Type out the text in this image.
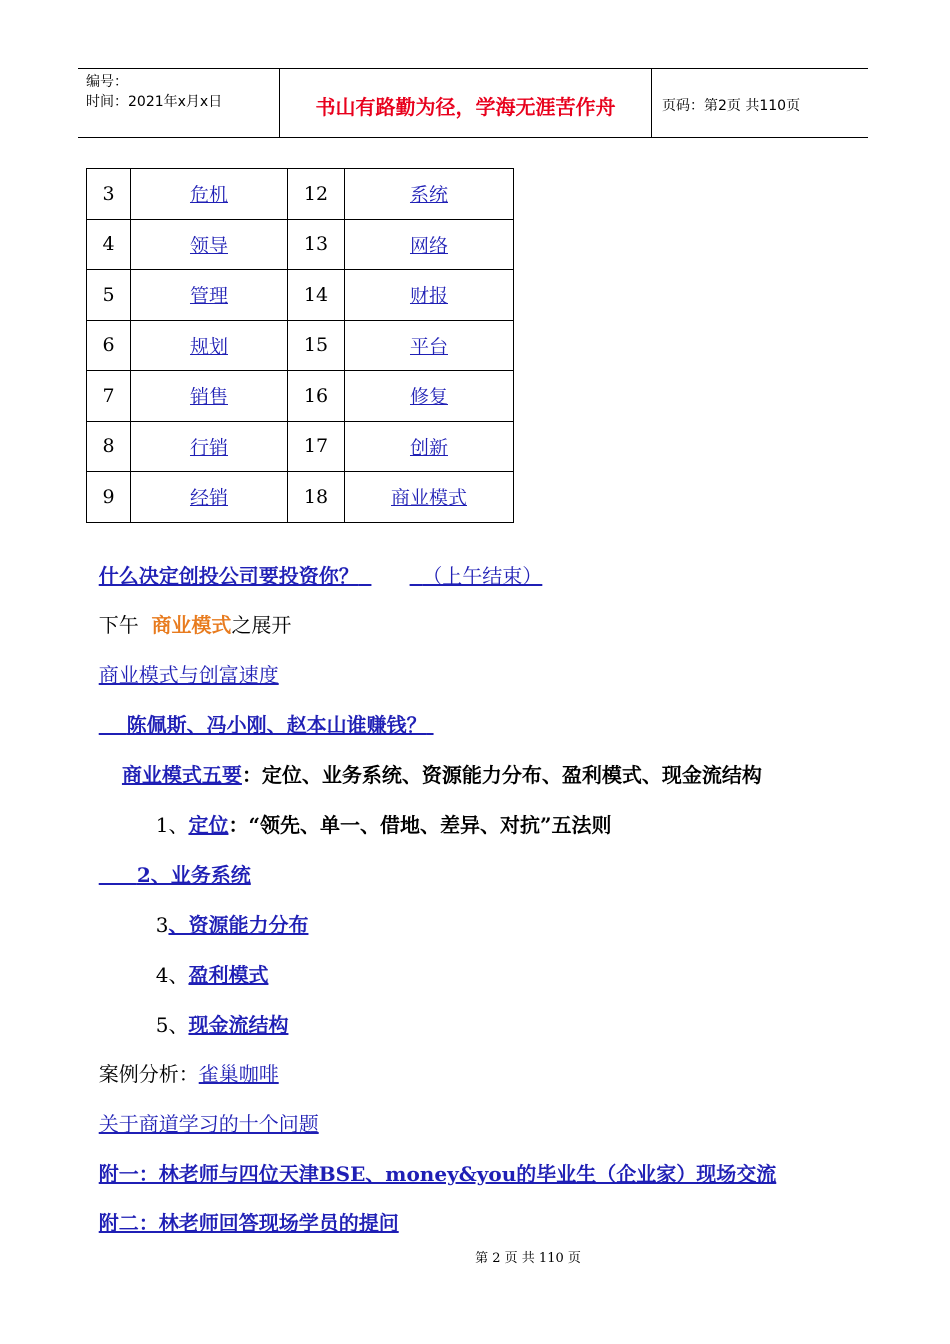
编号：
时间：2021年x月x日	书山有路勤为径，学海无涯苦作舟	页码：第2页 共110页
3	危机	12	系统
4	领导	13	网络
5	管理	14	财报
6	规划	15	平台
7	销售	16	修复
8	行销	17	创新
9	经销	18	商业模式

什么决定创投公司要投资你？	（上午结束）

下午  商业模式之展开

商业模式与创富速度

陈佩斯、冯小刚、赵本山谁赚钱？

商业模式五要：定位、业务系统、资源能力分布、盈利模式、现金流结构

1、定位：“领先、单一、借地、差异、对抗”五法则

2、业务系统

3、资源能力分布

4、盈利模式

5、现金流结构

案例分析：雀巢咖啡

关于商道学习的十个问题

附一：林老师与四位天津BSE、money&you的毕业生（企业家）现场交流

附二：林老师回答现场学员的提问

第 2 页 共 110 页
